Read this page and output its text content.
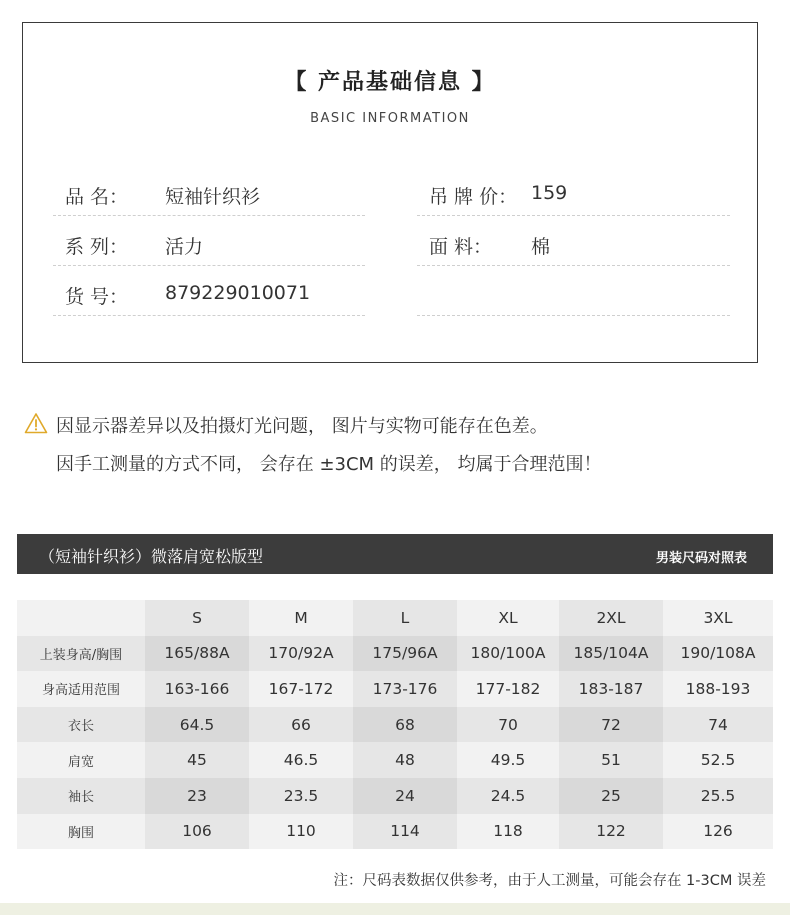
【 产品基础信息 】
BASIC INFORMATION
品 名：	短袖针织衫	吊 牌 价： 159
系 列：	活力	面 料：	棉
货 号：	879229010071
因显示器差异以及拍摄灯光问题， 图片与实物可能存在色差。
因手工测量的方式不同， 会存在 ±3CM 的误差， 均属于合理范围！
（短袖针织衫）微落肩宽松版型	男装尺码对照表
	S	M	L	XL	2XL	3XL
上装身高/胸围	165/88A	170/92A	175/96A	180/100A	185/104A	190/108A
身高适用范围	163-166	167-172	173-176	177-182	183-187	188-193
衣长	64.5	66	68	70	72	74
肩宽	45	46.5	48	49.5	51	52.5
袖长	23	23.5	24	24.5	25	25.5
胸围	106	110	114	118	122	126
注：尺码表数据仅供参考，由于人工测量，可能会存在 1-3CM 误差
